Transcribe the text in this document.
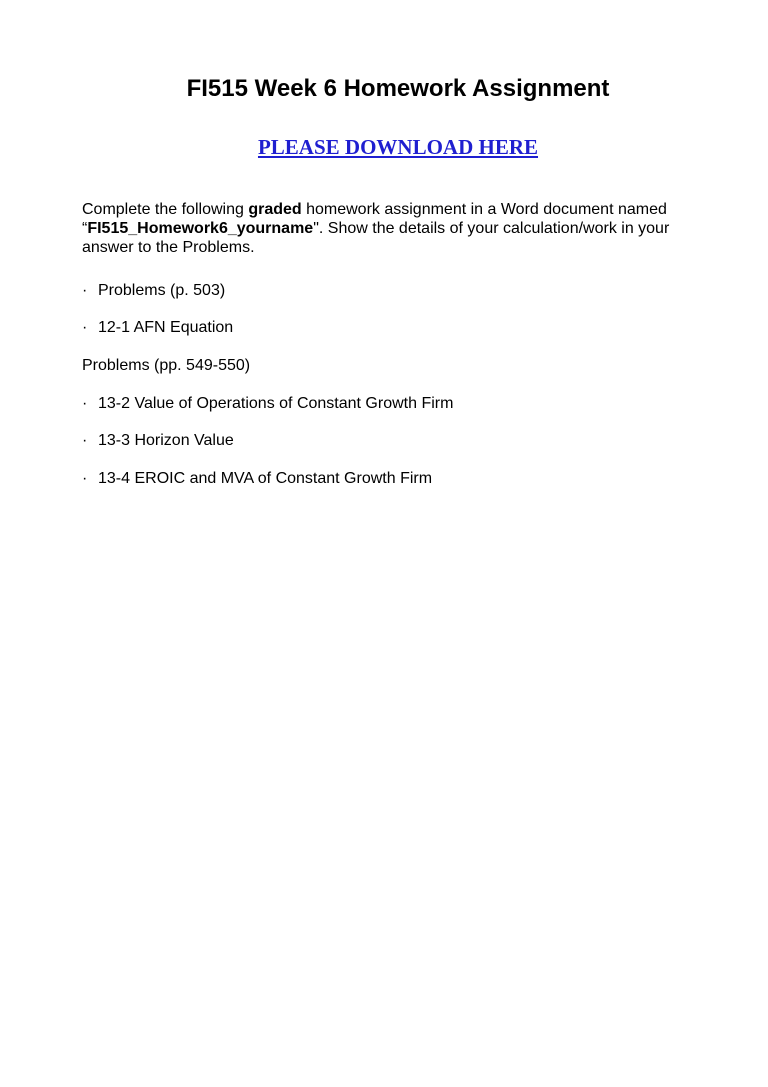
FI515 Week 6 Homework Assignment
PLEASE DOWNLOAD HERE

Complete the following graded homework assignment in a Word document named “FI515_Homework6_yourname". Show the details of your calculation/work in your answer to the Problems.

· Problems (p. 503)
· 12-1 AFN Equation
Problems (pp. 549-550)
· 13-2 Value of Operations of Constant Growth Firm
· 13-3 Horizon Value
· 13-4 EROIC and MVA of Constant Growth Firm
